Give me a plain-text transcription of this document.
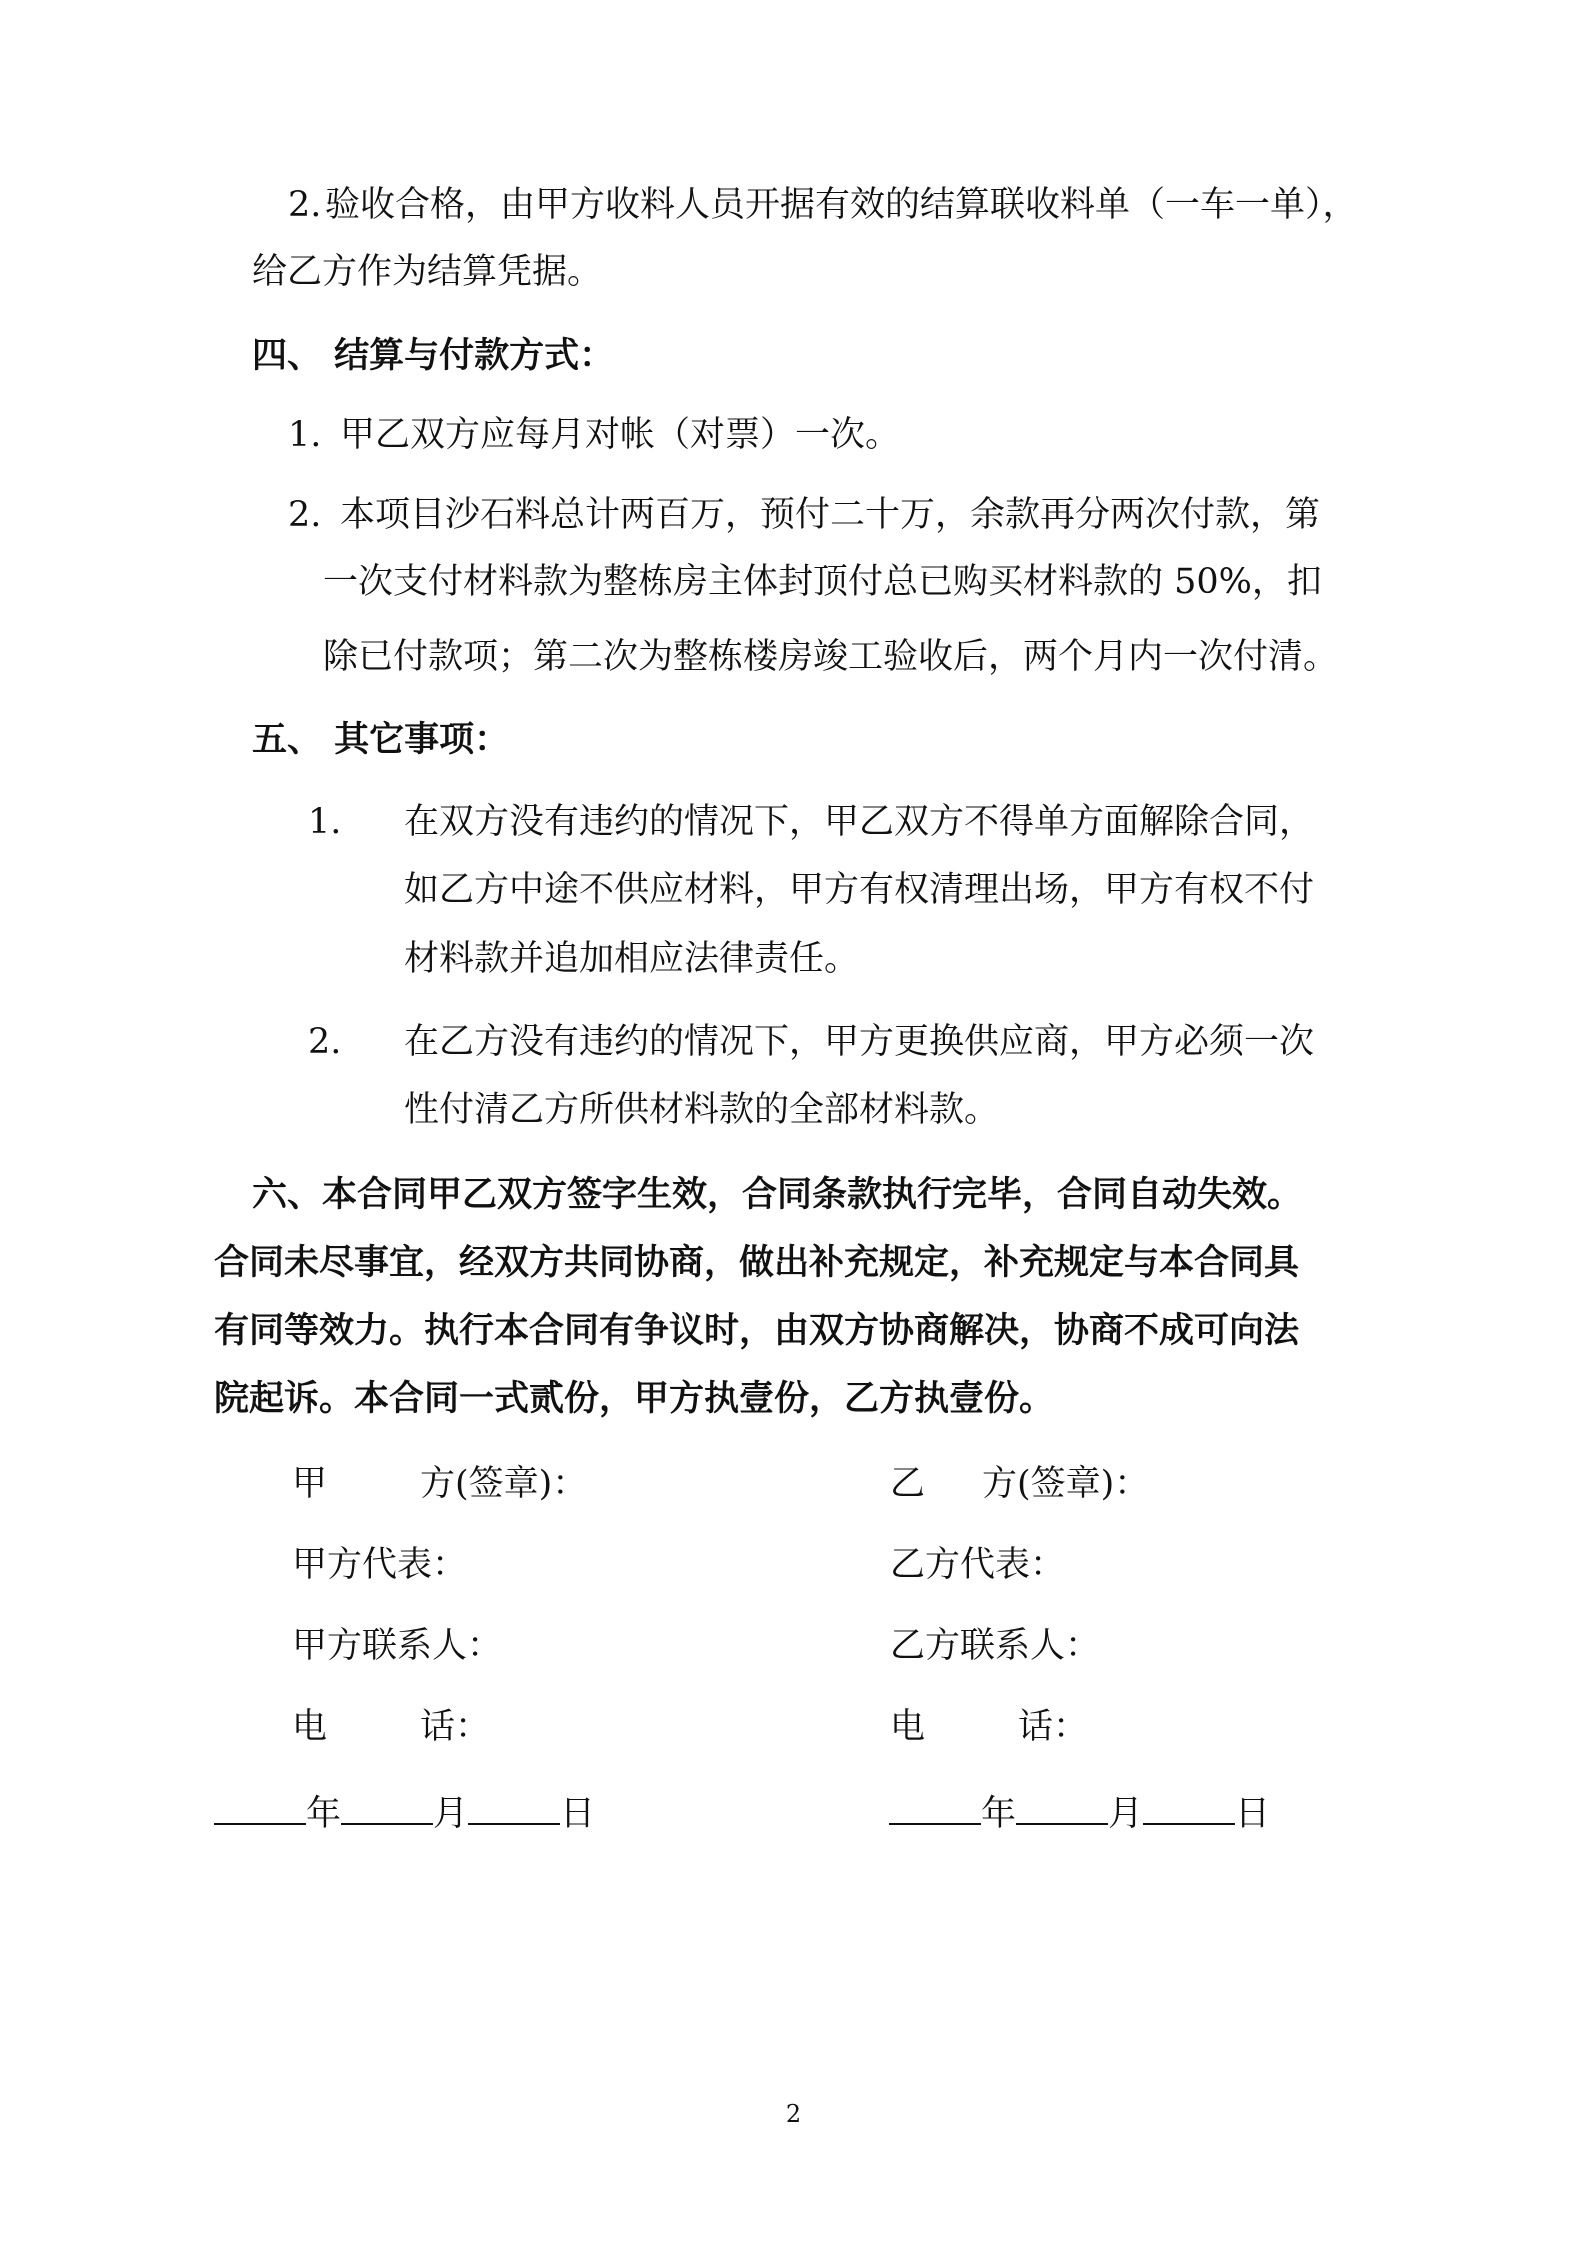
2. 验收合格，由甲方收料人员开据有效的结算联收料单（一车一单），
给乙方作为结算凭据。
四、 结算与付款方式：
1. 甲乙双方应每月对帐（对票）一次。
2. 本项目沙石料总计两百万，预付二十万，余款再分两次付款，第
一次支付材料款为整栋房主体封顶付总已购买材料款的 50%，扣
除已付款项；第二次为整栋楼房竣工验收后，两个月内一次付清。
五、 其它事项：
1. 在双方没有违约的情况下，甲乙双方不得单方面解除合同，
如乙方中途不供应材料，甲方有权清理出场，甲方有权不付
材料款并追加相应法律责任。
2. 在乙方没有违约的情况下，甲方更换供应商，甲方必须一次
性付清乙方所供材料款的全部材料款。
六、本合同甲乙双方签字生效，合同条款执行完毕，合同自动失效。
合同未尽事宜，经双方共同协商，做出补充规定，补充规定与本合同具
有同等效力。执行本合同有争议时，由双方协商解决，协商不成可向法
院起诉。本合同一式贰份，甲方执壹份，乙方执壹份。
甲	方(签章)：
甲方代表：
甲方联系人：
电	话：
年	月	日
乙 方(签章)：
乙方代表：
乙方联系人：
电	话：
年	月	日
2
